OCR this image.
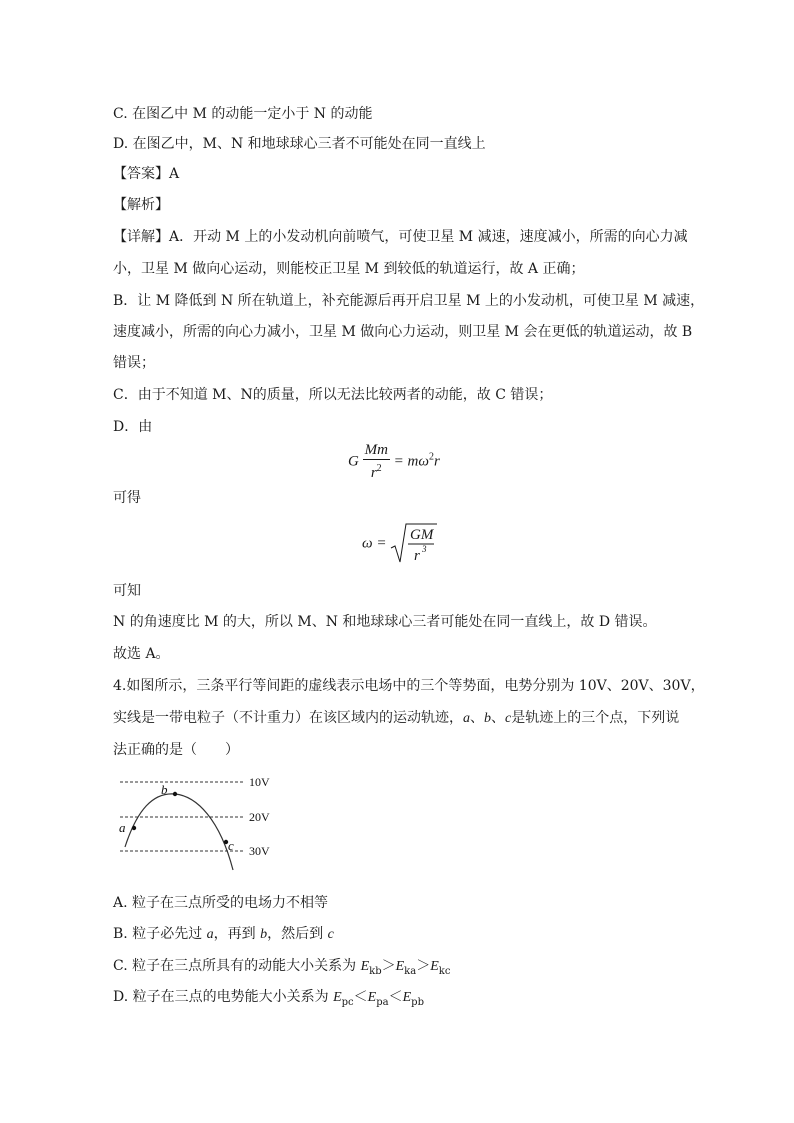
C. 在图乙中 M 的动能一定小于 N 的动能
D. 在图乙中，M、N 和地球球心三者不可能处在同一直线上
【答案】A
【解析】
【详解】A．开动 M 上的小发动机向前喷气，可使卫星 M 减速，速度减小，所需的向心力减
小，卫星 M 做向心运动，则能校正卫星 M 到较低的轨道运行，故 A 正确；
B．让 M 降低到 N 所在轨道上，补充能源后再开启卫星 M 上的小发动机，可使卫星 M 减速，
速度减小，所需的向心力减小，卫星 M 做向心力运动，则卫星 M 会在更低的轨道运动，故 B
错误；
C．由于不知道 M、N的质量，所以无法比较两者的动能，故 C 错误；
D．由
G $\frac{Mm}{r^2} = m\omega^2r$
可得
ω =
GM
r 3
可知
N 的角速度比 M 的大，所以 M、N 和地球球心三者可能处在同一直线上，故 D 错误。
故选 A。
4.如图所示，三条平行等间距的虚线表示电场中的三个等势面，电势分别为 10V、20V、30V，
实线是一带电粒子（不计重力）在该区域内的运动轨迹，a、b、c是轨迹上的三个点，下列说
法正确的是（　　）
a
b
c
10V
20V
30V
A. 粒子在三点所受的电场力不相等
B. 粒子必先过 a，再到 b，然后到 c
C. 粒子在三点所具有的动能大小关系为 $E_{kb}>E_{ka}>E_{kc}$
D. 粒子在三点的电势能大小关系为 $E_{pc}<E_{pa}<E_{pb}$
